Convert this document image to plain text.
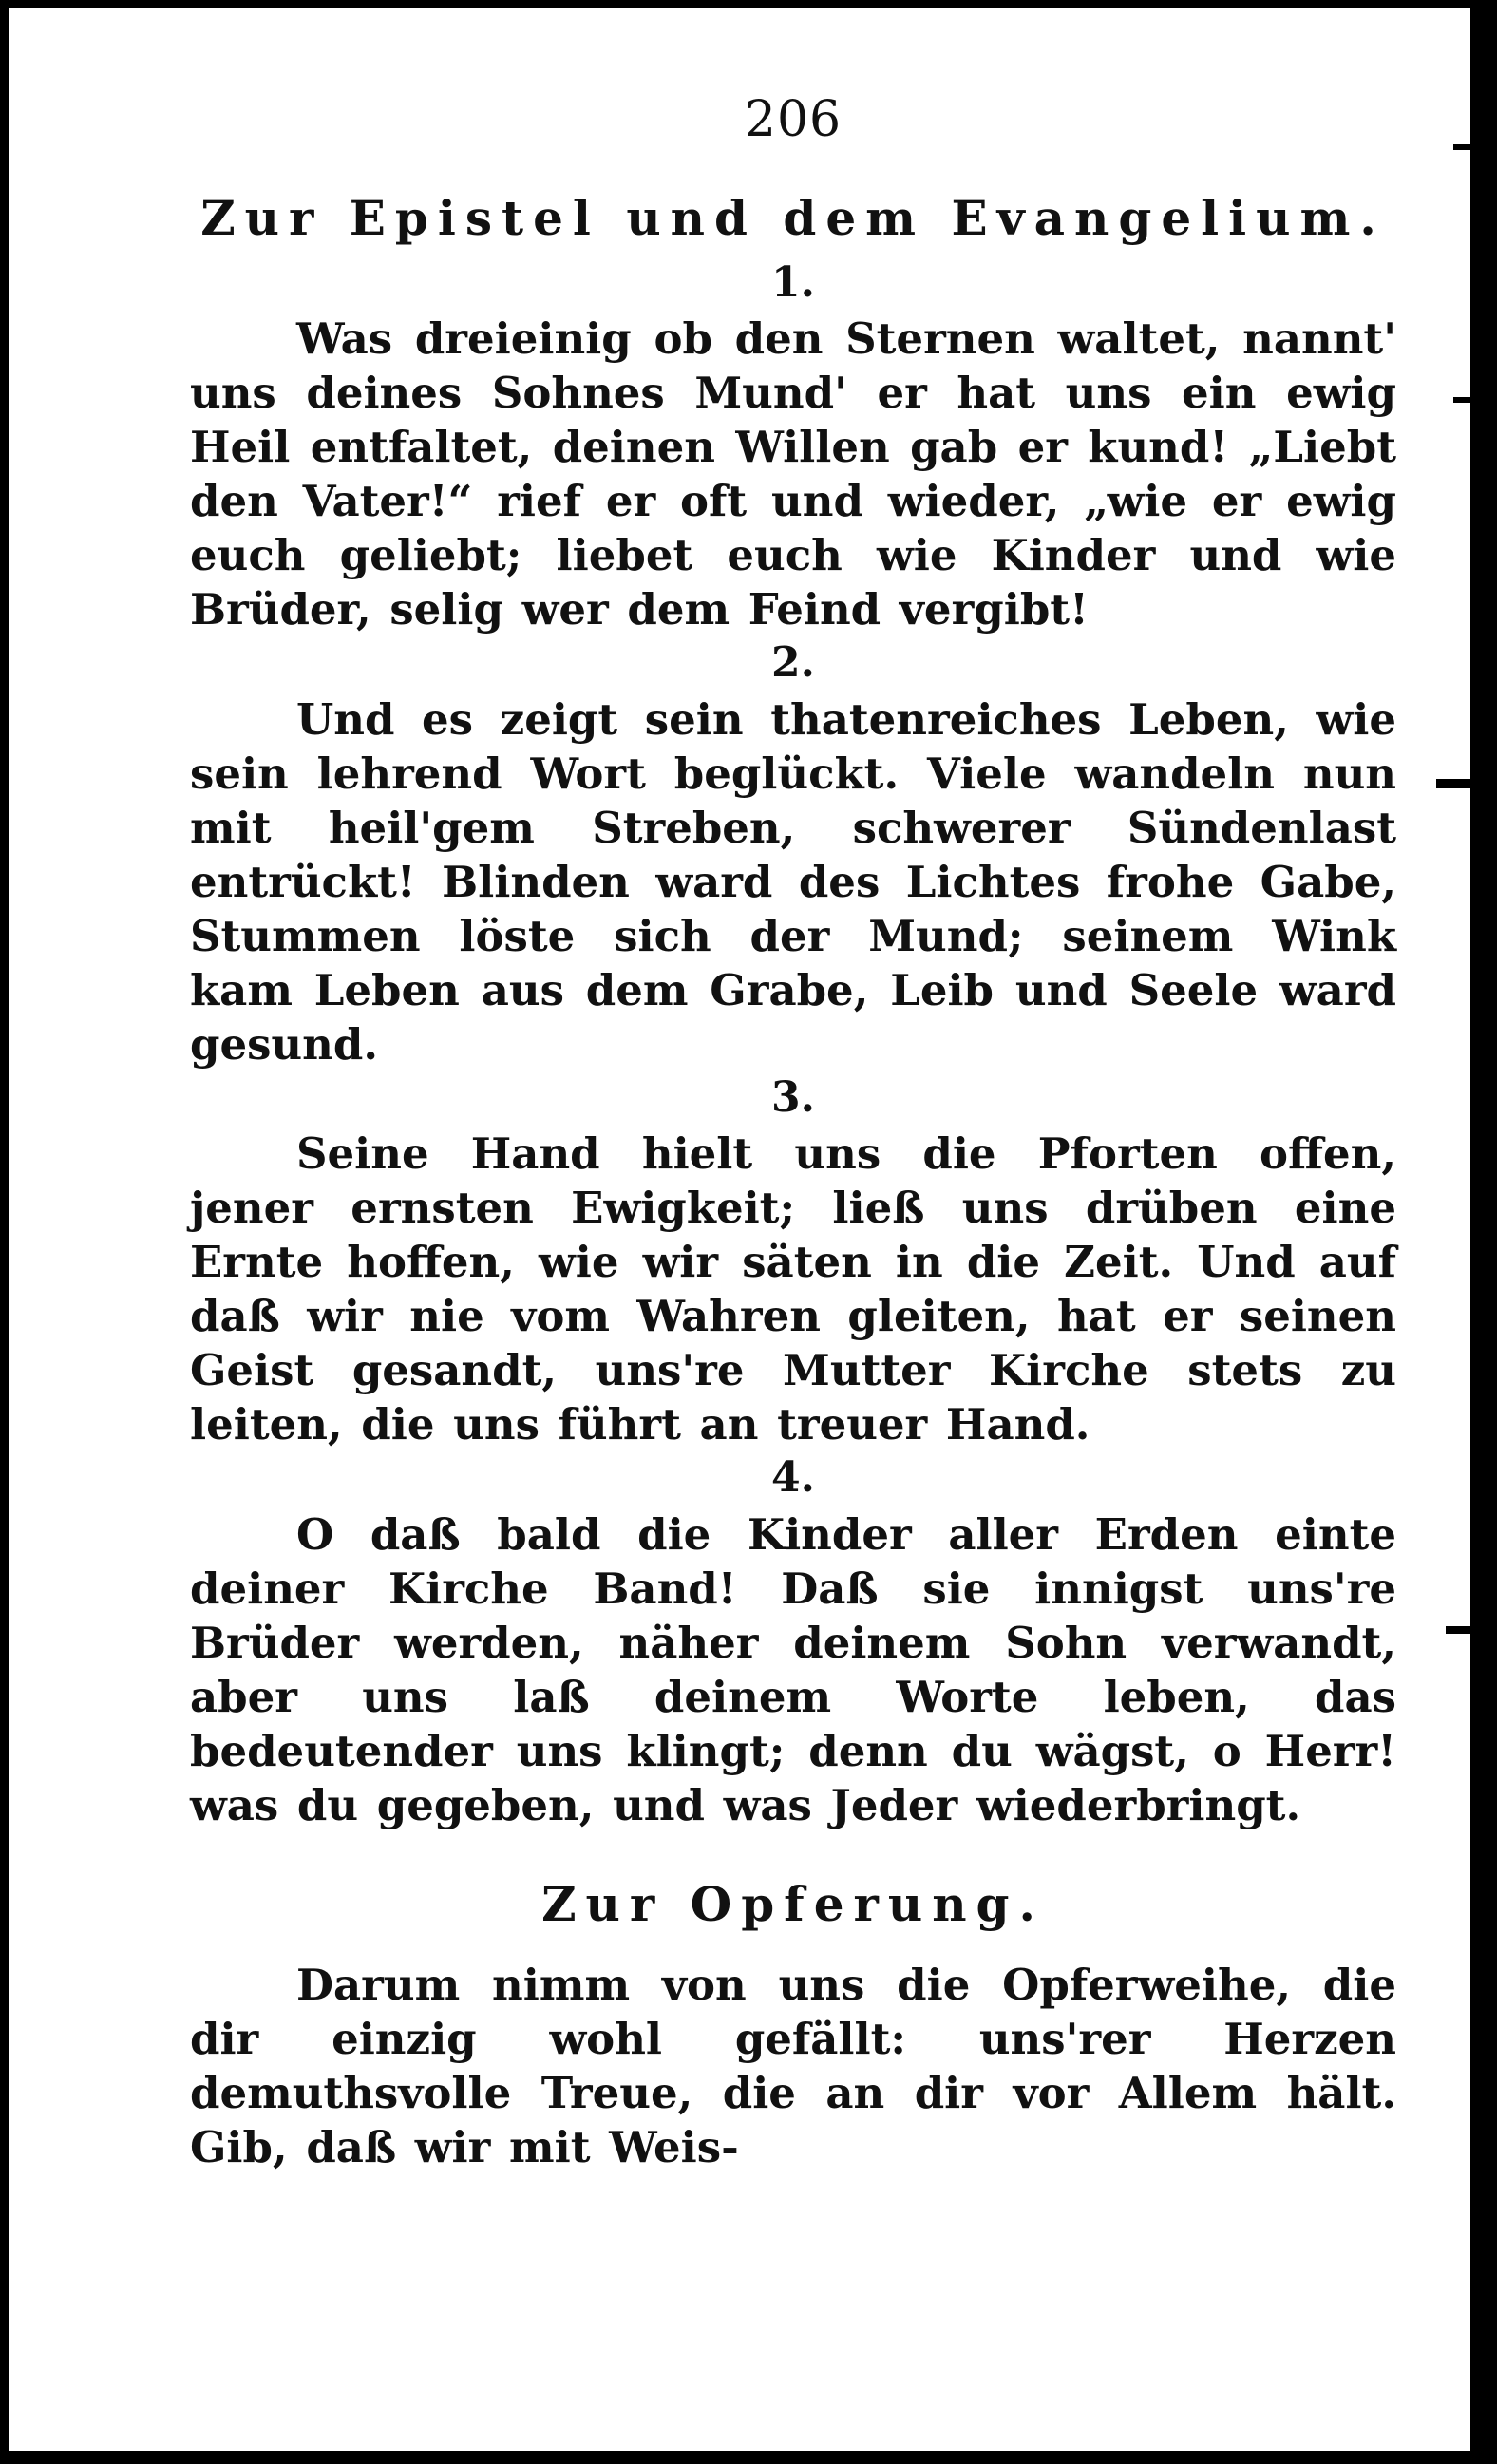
206
Zur Epistel und dem Evangelium.
1.

Was dreieinig ob den Sternen waltet, nannt' uns deines Sohnes Mund' er hat uns ein ewig Heil entfaltet, deinen Willen gab er kund! „Liebt den Vater!“ rief er oft und wieder, „wie er ewig euch geliebt; liebet euch wie Kinder und wie Brüder, selig wer dem Feind vergibt!

2.

Und es zeigt sein thatenreiches Leben, wie sein lehrend Wort beglückt. Viele wandeln nun mit heil'gem Streben, schwerer Sündenlast entrückt! Blinden ward des Lichtes frohe Gabe, Stummen löste sich der Mund; seinem Wink kam Leben aus dem Grabe, Leib und Seele ward gesund.

3.

Seine Hand hielt uns die Pforten offen, jener ernsten Ewigkeit; ließ uns drüben eine Ernte hoffen, wie wir säten in die Zeit. Und auf daß wir nie vom Wahren gleiten, hat er seinen Geist gesandt, uns're Mutter Kirche stets zu leiten, die uns führt an treuer Hand.

4.

O daß bald die Kinder aller Erden einte deiner Kirche Band! Daß sie innigst uns're Brüder werden, näher deinem Sohn verwandt, aber uns laß deinem Worte leben, das bedeutender uns klingt; denn du wägst, o Herr! was du gegeben, und was Jeder wiederbringt.

Zur Opferung.

Darum nimm von uns die Opferweihe, die dir einzig wohl gefällt: uns'rer Herzen demuthsvolle Treue, die an dir vor Allem hält. Gib, daß wir mit Weis-
